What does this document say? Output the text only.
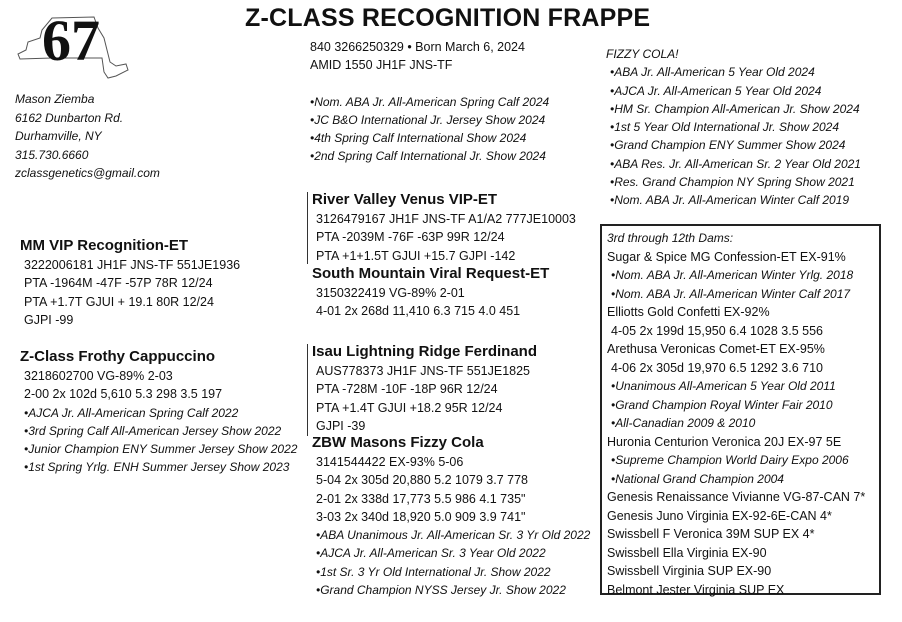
67	Z-CLASS RECOGNITION FRAPPE
Mason Ziemba
6162 Dunbarton Rd.
Durhamville, NY
315.730.6660
zclassgenetics@gmail.com
840 3266250329 • Born March 6, 2024
AMID 1550 JH1F JNS-TF
•Nom. ABA Jr. All-American Spring Calf 2024
•JC B&O International Jr. Jersey Show 2024
•4th Spring Calf International Show 2024
•2nd Spring Calf International Jr. Show 2024
MM VIP Recognition-ET
3222006181 JH1F JNS-TF 551JE1936
PTA -1964M -47F -57P 78R 12/24
PTA +1.7T GJUI + 19.1 80R 12/24
GJPI -99
Z-Class Frothy Cappuccino
3218602700 VG-89% 2-03
2-00 2x 102d 5,610 5.3 298 3.5 197
•AJCA Jr. All-American Spring Calf 2022
•3rd Spring Calf All-American Jersey Show 2022
•Junior Champion ENY Summer Jersey Show 2022
•1st Spring Yrlg. ENH Summer Jersey Show 2023
River Valley Venus VIP-ET
3126479167 JH1F JNS-TF A1/A2 777JE10003
PTA -2039M -76F -63P 99R 12/24
PTA +1+1.5T GJUI +15.7 GJPI -142
South Mountain Viral Request-ET
3150322419 VG-89% 2-01
4-01 2x 268d 11,410 6.3 715 4.0 451
Isau Lightning Ridge Ferdinand
AUS778373 JH1F JNS-TF 551JE1825
PTA -728M -10F -18P 96R 12/24
PTA +1.4T GJUI +18.2 95R 12/24
GJPI -39
ZBW Masons Fizzy Cola
3141544422 EX-93% 5-06
5-04 2x 305d 20,880 5.2 1079 3.7 778
2-01 2x 338d 17,773 5.5 986 4.1 735"
3-03 2x 340d 18,920 5.0 909 3.9 741"
•ABA Unanimous Jr. All-American Sr. 3 Yr Old 2022
•AJCA Jr. All-American Sr. 3 Year Old 2022
•1st Sr. 3 Yr Old International Jr. Show 2022
•Grand Champion NYSS Jersey Jr. Show 2022
FIZZY COLA!
•ABA Jr. All-American 5 Year Old 2024
•AJCA Jr. All-American 5 Year Old 2024
•HM Sr. Champion All-American Jr. Show 2024
•1st 5 Year Old International Jr. Show 2024
•Grand Champion ENY Summer Show 2024
•ABA Res. Jr. All-American Sr. 2 Year Old 2021
•Res. Grand Champion NY Spring Show 2021
•Nom. ABA Jr. All-American Winter Calf 2019
3rd through 12th Dams:
Sugar & Spice MG Confession-ET EX-91%
•Nom. ABA Jr. All-American Winter Yrlg. 2018
•Nom. ABA Jr. All-American Winter Calf 2017
Elliotts Gold Confetti EX-92%
4-05 2x 199d 15,950 6.4 1028 3.5 556
Arethusa Veronicas Comet-ET EX-95%
4-06 2x 305d 19,970 6.5 1292 3.6 710
•Unanimous All-American 5 Year Old 2011
•Grand Champion Royal Winter Fair 2010
•All-Canadian 2009 & 2010
Huronia Centurion Veronica 20J EX-97 5E
•Supreme Champion World Dairy Expo 2006
•National Grand Champion 2004
Genesis Renaissance Vivianne VG-87-CAN 7*
Genesis Juno Virginia EX-92-6E-CAN 4*
Swissbell F Veronica 39M SUP EX 4*
Swissbell Ella Virginia EX-90
Swissbell Virginia SUP EX-90
Belmont Jester Virginia SUP EX
